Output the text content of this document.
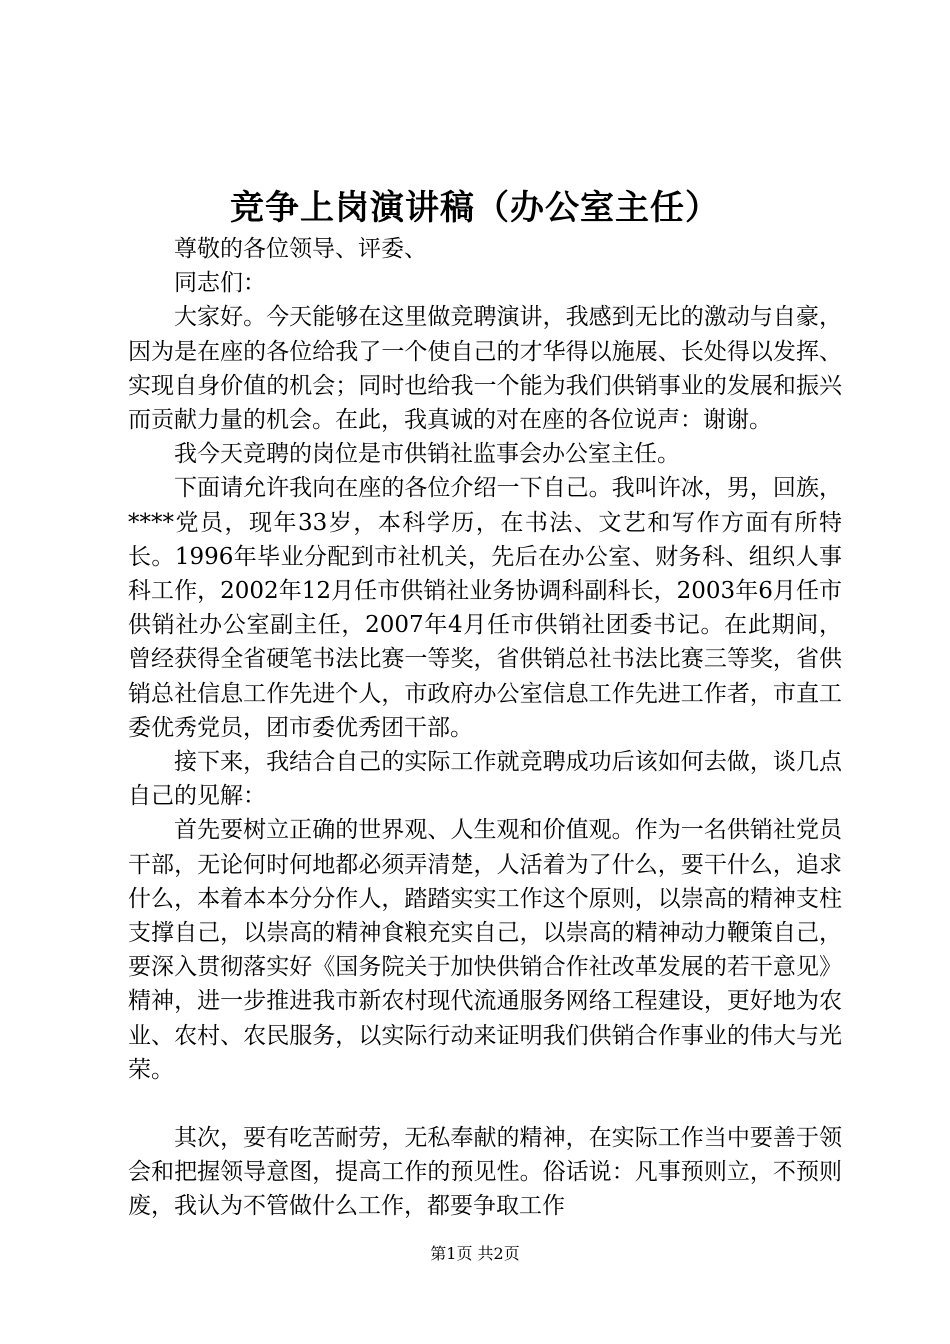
竞争上岗演讲稿（办公室主任）

尊敬的各位领导、评委、

同志们：

大家好。今天能够在这里做竞聘演讲，我感到无比的激动与自豪，因为是在座的各位给我了一个使自己的才华得以施展、长处得以发挥、实现自身价值的机会；同时也给我一个能为我们供销事业的发展和振兴而贡献力量的机会。在此，我真诚的对在座的各位说声：谢谢。

我今天竞聘的岗位是市供销社监事会办公室主任。

下面请允许我向在座的各位介绍一下自己。我叫许冰，男，回族，****党员，现年33岁，本科学历，在书法、文艺和写作方面有所特长。1996年毕业分配到市社机关，先后在办公室、财务科、组织人事科工作，2002年12月任市供销社业务协调科副科长，2003年6月任市供销社办公室副主任，2007年4月任市供销社团委书记。在此期间，曾经获得全省硬笔书法比赛一等奖，省供销总社书法比赛三等奖，省供销总社信息工作先进个人，市政府办公室信息工作先进工作者，市直工委优秀党员，团市委优秀团干部。

接下来，我结合自己的实际工作就竞聘成功后该如何去做，谈几点自己的见解：

首先要树立正确的世界观、人生观和价值观。作为一名供销社党员干部，无论何时何地都必须弄清楚，人活着为了什么，要干什么，追求什么，本着本本分分作人，踏踏实实工作这个原则，以崇高的精神支柱支撑自己，以崇高的精神食粮充实自己，以崇高的精神动力鞭策自己，要深入贯彻落实好《国务院关于加快供销合作社改革发展的若干意见》精神，进一步推进我市新农村现代流通服务网络工程建设，更好地为农业、农村、农民服务，以实际行动来证明我们供销合作事业的伟大与光荣。

其次，要有吃苦耐劳，无私奉献的精神，在实际工作当中要善于领会和把握领导意图，提高工作的预见性。俗话说：凡事预则立，不预则废，我认为不管做什么工作，都要争取工作

第1页 共2页
